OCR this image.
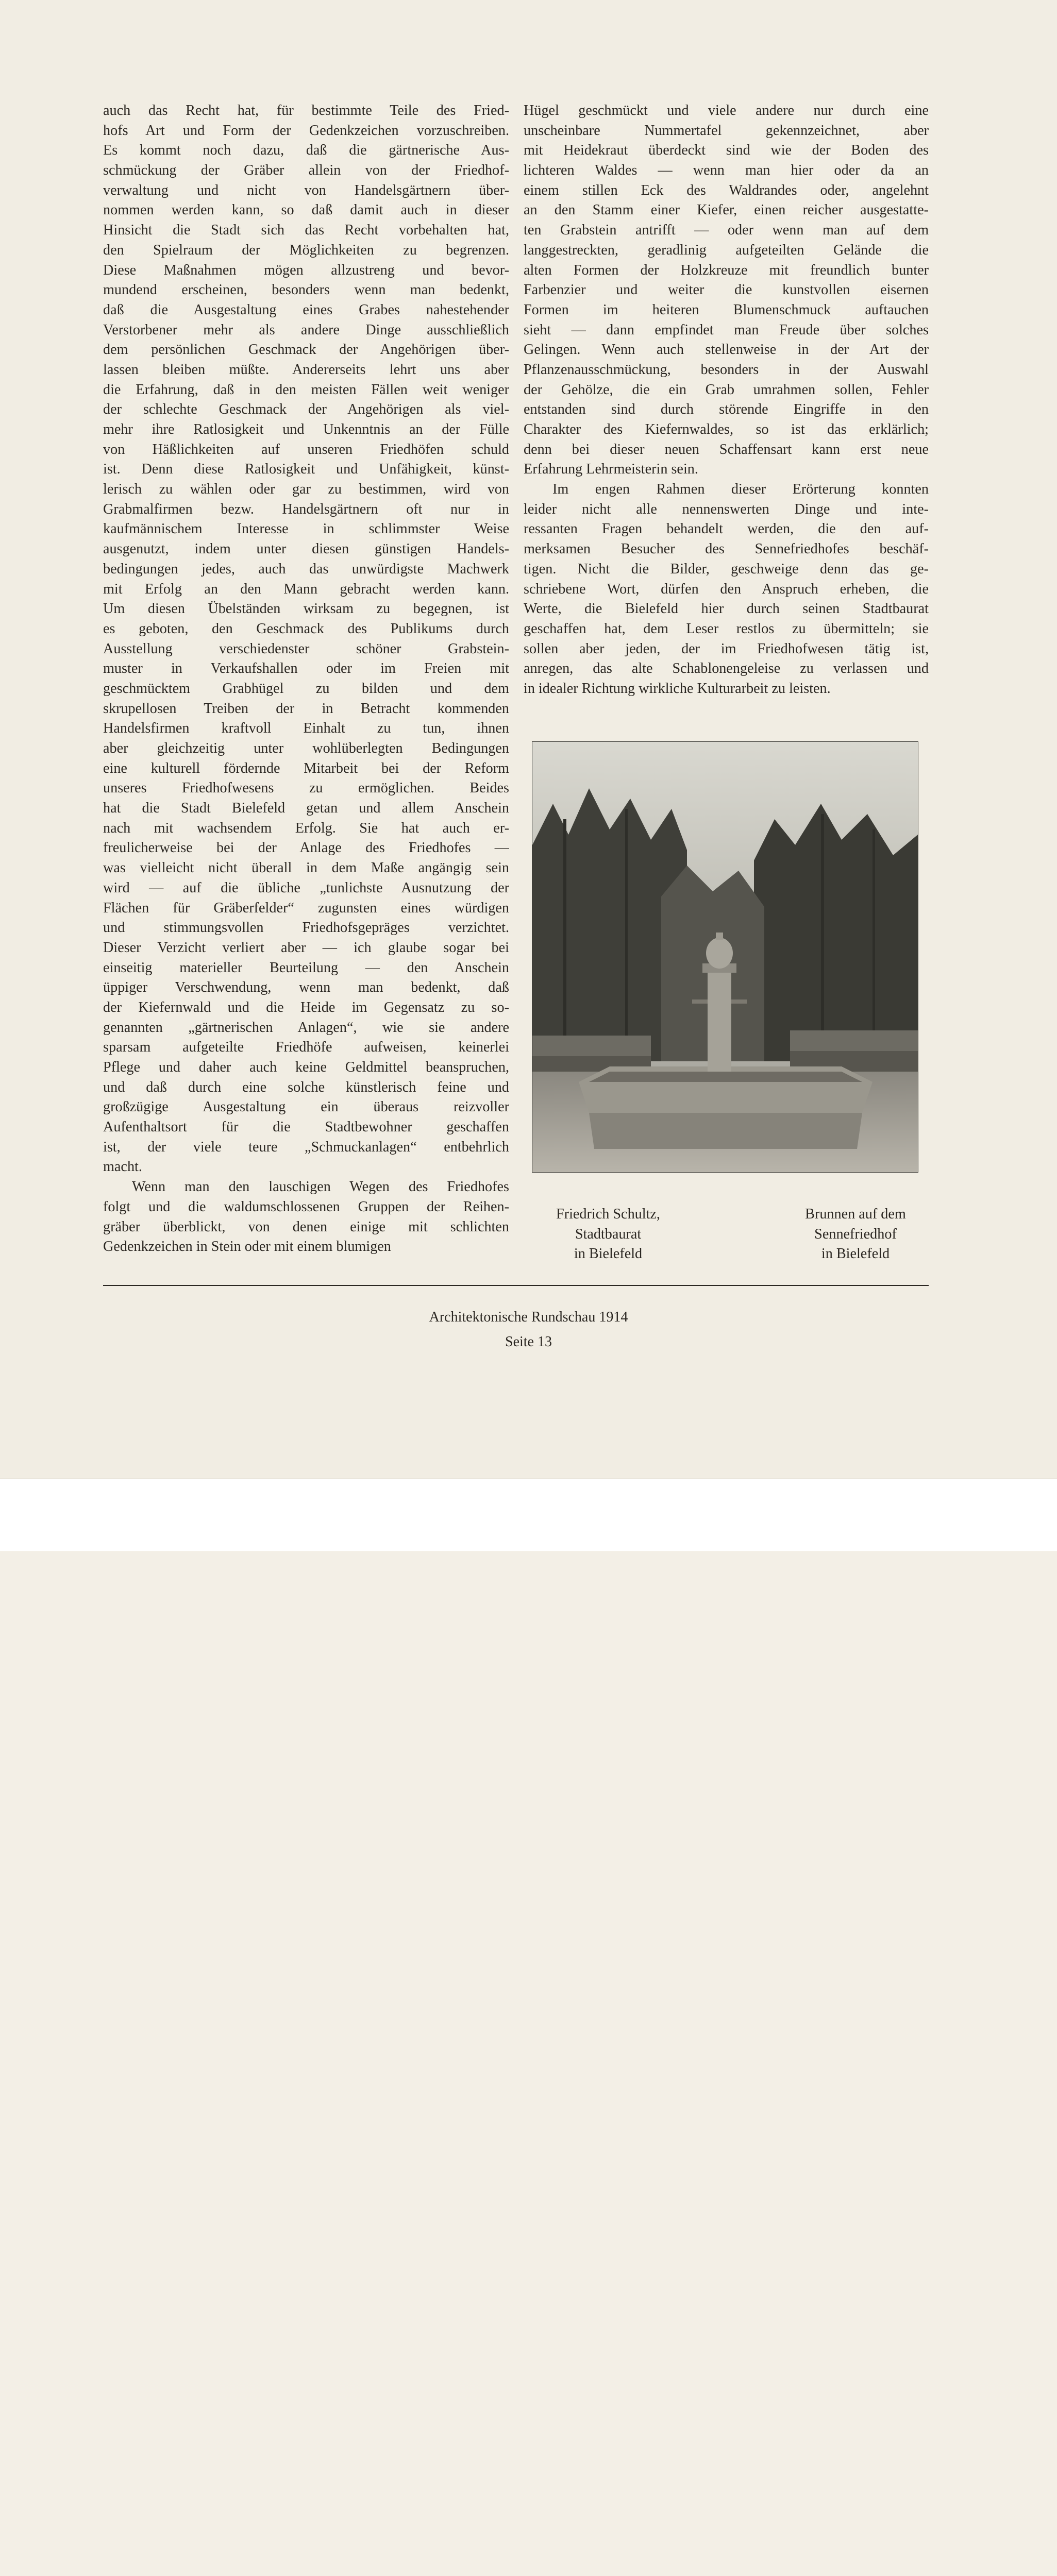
auch das Recht hat, für bestimmte Teile des Fried-
hofs Art und Form der Gedenkzeichen vorzuschreiben.
Es kommt noch dazu, daß die gärtnerische Aus-
schmückung der Gräber allein von der Friedhof-
verwaltung und nicht von Handelsgärtnern über-
nommen werden kann, so daß damit auch in dieser
Hinsicht die Stadt sich das Recht vorbehalten hat,
den Spielraum der Möglichkeiten zu begrenzen.
Diese Maßnahmen mögen allzustreng und bevor-
mundend erscheinen, besonders wenn man bedenkt,
daß die Ausgestaltung eines Grabes nahestehender
Verstorbener mehr als andere Dinge ausschließlich
dem persönlichen Geschmack der Angehörigen über-
lassen bleiben müßte. Andererseits lehrt uns aber
die Erfahrung, daß in den meisten Fällen weit weniger
der schlechte Geschmack der Angehörigen als viel-
mehr ihre Ratlosigkeit und Unkenntnis an der Fülle
von Häßlichkeiten auf unseren Friedhöfen schuld
ist. Denn diese Ratlosigkeit und Unfähigkeit, künst-
lerisch zu wählen oder gar zu bestimmen, wird von
Grabmalfirmen bezw. Handelsgärtnern oft nur in
kaufmännischem Interesse in schlimmster Weise
ausgenutzt, indem unter diesen günstigen Handels-
bedingungen jedes, auch das unwürdigste Machwerk
mit Erfolg an den Mann gebracht werden kann.
Um diesen Übelständen wirksam zu begegnen, ist
es geboten, den Geschmack des Publikums durch
Ausstellung verschiedenster schöner Grabstein-
muster in Verkaufshallen oder im Freien mit
geschmücktem Grabhügel zu bilden und dem
skrupellosen Treiben der in Betracht kommenden
Handelsfirmen kraftvoll Einhalt zu tun, ihnen
aber gleichzeitig unter wohlüberlegten Bedingungen
eine kulturell fördernde Mitarbeit bei der Reform
unseres Friedhofwesens zu ermöglichen. Beides
hat die Stadt Bielefeld getan und allem Anschein
nach mit wachsendem Erfolg. Sie hat auch er-
freulicherweise bei der Anlage des Friedhofes —
was vielleicht nicht überall in dem Maße angängig sein
wird — auf die übliche „tunlichste Ausnutzung der
Flächen für Gräberfelder“ zugunsten eines würdigen
und stimmungsvollen Friedhofsgepräges verzichtet.
Dieser Verzicht verliert aber — ich glaube sogar bei
einseitig materieller Beurteilung — den Anschein
üppiger Verschwendung, wenn man bedenkt, daß
der Kiefernwald und die Heide im Gegensatz zu so-
genannten „gärtnerischen Anlagen“, wie sie andere
sparsam aufgeteilte Friedhöfe aufweisen, keinerlei
Pflege und daher auch keine Geldmittel beanspruchen,
und daß durch eine solche künstlerisch feine und
großzügige Ausgestaltung ein überaus reizvoller
Aufenthaltsort für die Stadtbewohner geschaffen
ist, der viele teure „Schmuckanlagen“ entbehrlich
macht.
Wenn man den lauschigen Wegen des Friedhofes
folgt und die waldumschlossenen Gruppen der Reihen-
gräber überblickt, von denen einige mit schlichten
Gedenkzeichen in Stein oder mit einem blumigen
Hügel geschmückt und viele andere nur durch eine
unscheinbare Nummertafel gekennzeichnet, aber
mit Heidekraut überdeckt sind wie der Boden des
lichteren Waldes — wenn man hier oder da an
einem stillen Eck des Waldrandes oder, angelehnt
an den Stamm einer Kiefer, einen reicher ausgestatte-
ten Grabstein antrifft — oder wenn man auf dem
langgestreckten, geradlinig aufgeteilten Gelände die
alten Formen der Holzkreuze mit freundlich bunter
Farbenzier und weiter die kunstvollen eisernen
Formen im heiteren Blumenschmuck auftauchen
sieht — dann empfindet man Freude über solches
Gelingen. Wenn auch stellenweise in der Art der
Pflanzenausschmückung, besonders in der Auswahl
der Gehölze, die ein Grab umrahmen sollen, Fehler
entstanden sind durch störende Eingriffe in den
Charakter des Kiefernwaldes, so ist das erklärlich;
denn bei dieser neuen Schaffensart kann erst neue
Erfahrung Lehrmeisterin sein.
Im engen Rahmen dieser Erörterung konnten
leider nicht alle nennenswerten Dinge und inte-
ressanten Fragen behandelt werden, die den auf-
merksamen Besucher des Sennefriedhofes beschäf-
tigen. Nicht die Bilder, geschweige denn das ge-
schriebene Wort, dürfen den Anspruch erheben, die
Werte, die Bielefeld hier durch seinen Stadtbaurat
geschaffen hat, dem Leser restlos zu übermitteln; sie
sollen aber jeden, der im Friedhofwesen tätig ist,
anregen, das alte Schablonengeleise zu verlassen und
in idealer Richtung wirkliche Kulturarbeit zu leisten.
Friedrich Schultz,
Stadtbaurat
in Bielefeld
Brunnen auf dem
Sennefriedhof
in Bielefeld
Architektonische Rundschau 1914
Seite 13
